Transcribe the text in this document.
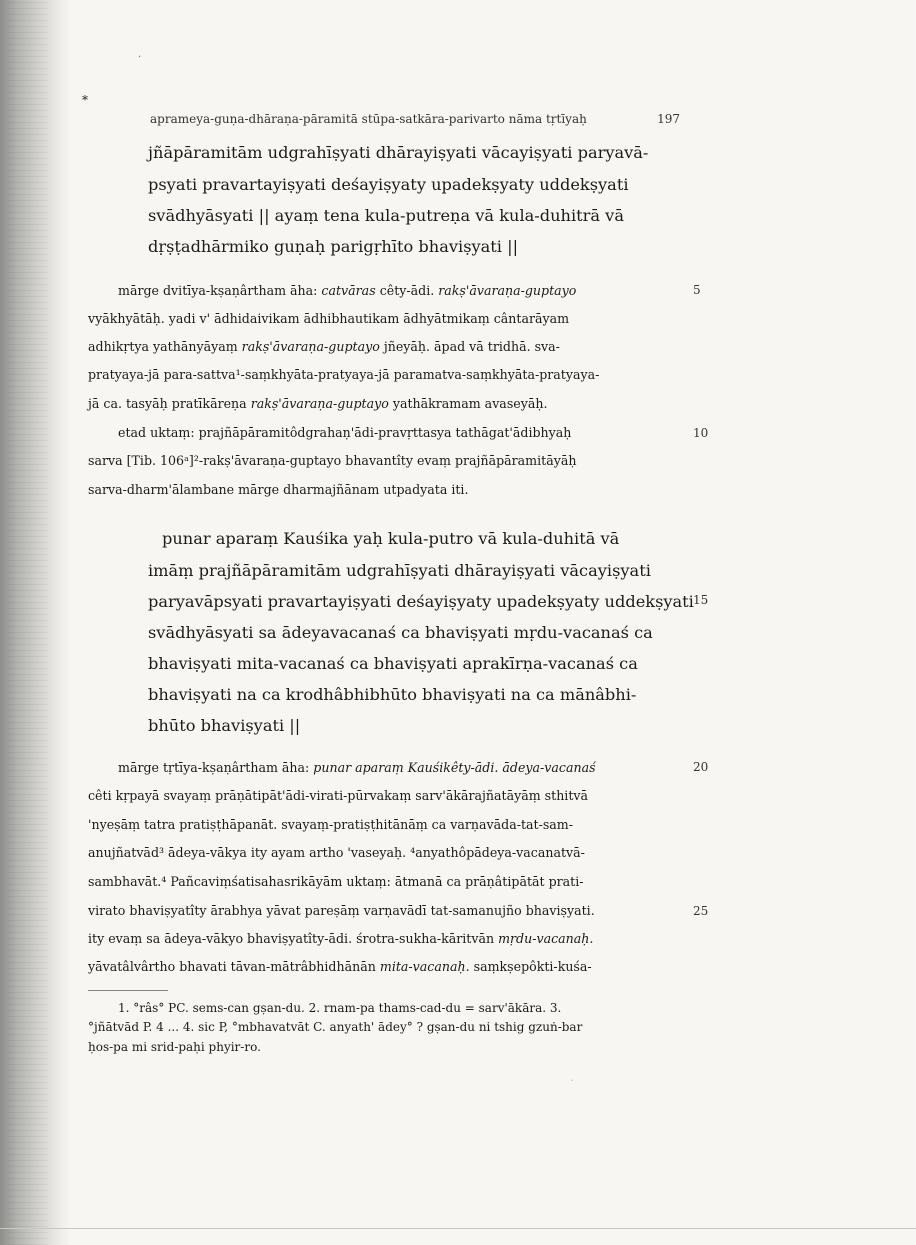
*
·
·
aprameya-guṇa-dhāraṇa-pāramitā stūpa-satkāra-parivarto nāma tṛtīyaḥ	197
jñāpāramitām udgrahīṣyati dhārayiṣyati vācayiṣyati paryavā-
psyati pravartayiṣyati deśayiṣyaty upadekṣyaty uddekṣyati
svādhyāsyati || ayaṃ tena kula-putreṇa vā kula-duhitrā vā
dṛṣṭadhārmiko guṇaḥ parigṛhīto bhaviṣyati ||
mārge dvitīya-kṣaṇârtham āha: catvāras cêty-ādi. rakṣ'āvaraṇa-guptayo
vyākhyātāḥ. yadi v' ādhidaivikam ādhibhautikam ādhyātmikaṃ cântarāyam
adhikṛtya yathānyāyaṃ rakṣ'āvaraṇa-guptayo jñeyāḥ. āpad vā tridhā. sva-
pratyaya-jā para-sattva¹-saṃkhyāta-pratyaya-jā paramatva-saṃkhyāta-pratyaya-
jā ca. tasyāḥ pratīkāreṇa rakṣ'āvaraṇa-guptayo yathākramam avaseyāḥ.
etad uktaṃ: prajñāpāramitôdgrahaṇ'ādi-pravṛttasya tathāgat'ādibhyaḥ
sarva [Tib. 106ᵃ]²-rakṣ'āvaraṇa-guptayo bhavantîty evaṃ prajñāpāramitāyāḥ
sarva-dharm'ālambane mārge dharmajñānam utpadyata iti.
punar aparaṃ Kauśika yaḥ kula-putro vā kula-duhitā vā
imāṃ prajñāpāramitām udgrahīṣyati dhārayiṣyati vācayiṣyati
paryavāpsyati pravartayiṣyati deśayiṣyaty upadekṣyaty uddekṣyati
svādhyāsyati sa ādeyavacanaś ca bhaviṣyati mṛdu-vacanaś ca
bhaviṣyati mita-vacanaś ca bhaviṣyati aprakīrṇa-vacanaś ca
bhaviṣyati na ca krodhâbhibhūto bhaviṣyati na ca mānâbhi-
bhūto bhaviṣyati ||
mārge tṛtīya-kṣaṇârtham āha: punar aparaṃ Kauśikêty-ādi. ādeya-vacanaś
cêti kṛpayā svayaṃ prāṇātipāt'ādi-virati-pūrvakaṃ sarv'ākārajñatāyāṃ sthitvā
'nyeṣāṃ tatra pratiṣṭhāpanāt. svayaṃ-pratiṣṭhitānāṃ ca varṇavāda-tat-sam-
anujñatvād³ ādeya-vākya ity ayam artho 'vaseyaḥ. ⁴anyathôpādeya-vacanatvā-
sambhavāt.⁴ Pañcaviṃśatisahasrikāyām uktaṃ: ātmanā ca prāṇâtipātāt prati-
virato bhaviṣyatîty ārabhya yāvat pareṣāṃ varṇavādī tat-samanujño bhaviṣyati.
ity evaṃ sa ādeya-vākyo bhaviṣyatîty-ādi. śrotra-sukha-kāritvān mṛdu-vacanaḥ.
yāvatâlvârtho bhavati tāvan-mātrâbhidhānān mita-vacanaḥ. saṃkṣepôkti-kuśa-
5
10
15
20
25
1. °râs° PC. sems-can gṣan-du. 2. rnam-pa thams-cad-du = sarv'ākāra. 3.
°jñātvād P. 4 ... 4. sic P, °mbhavatvāt C. anyath' ādey° ? gṣan-du ni tshig gzuṅ-bar
ḥos-pa mi srid-paḥi phyir-ro.
